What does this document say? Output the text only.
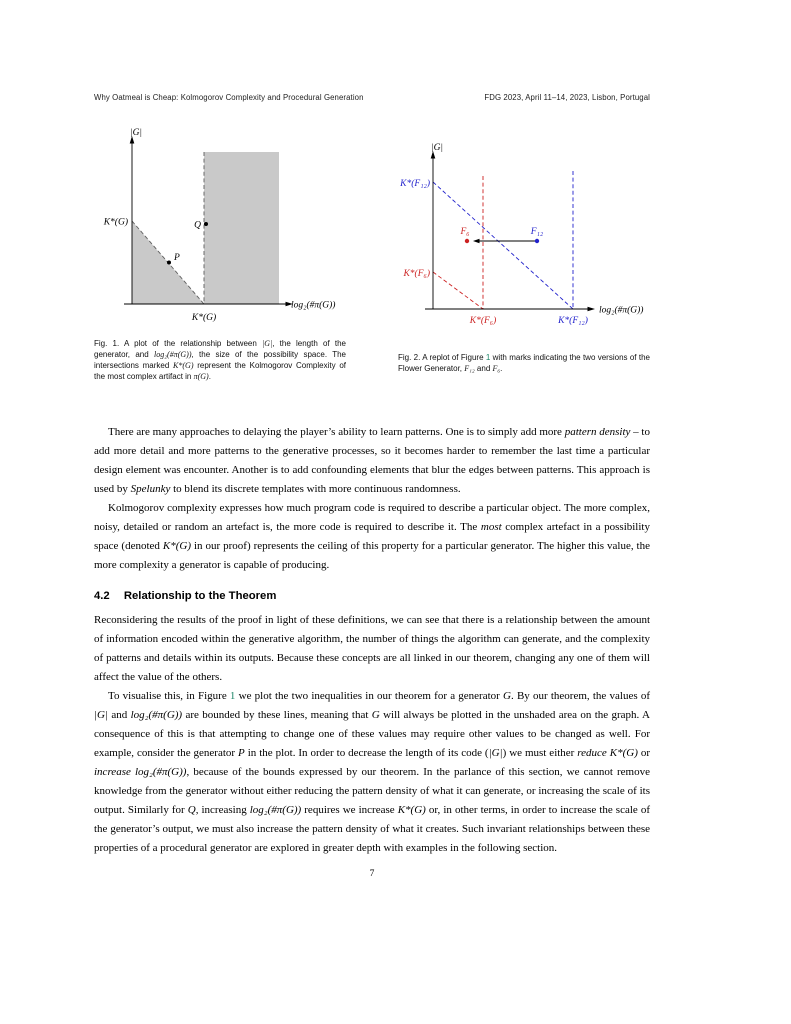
Why Oatmeal is Cheap: Kolmogorov Complexity and Procedural Generation	FDG 2023, April 11–14, 2023, Lisbon, Portugal
|G|
log₂(#π(G))
K*(G)
K*(G)
P
Q
Fig. 1. A plot of the relationship between |G|, the length of the generator, and log₂(#π(G)), the size of the possibility space. The intersections marked K*(G) represent the Kolmogorov Complexity of the most complex artifact in π(G).
|G|
log₂(#π(G))
K*(F₁₂)
K*(F₆)
F₆	F₁₂
K*(F₆)	K*(F₁₂)
Fig. 2. A replot of Figure 1 with marks indicating the two versions of the Flower Generator, F₁₂ and F₆.

There are many approaches to delaying the player’s ability to learn patterns. One is to simply add more pattern density – to add more detail and more patterns to the generative processes, so it becomes harder to remember the last time a particular design element was encounter. Another is to add confounding elements that blur the edges between patterns. This approach is used by Spelunky to blend its discrete templates with more continuous randomness.

Kolmogorov complexity expresses how much program code is required to describe a particular object. The more complex, noisy, detailed or random an artefact is, the more code is required to describe it. The most complex artefact in a possibility space (denoted K*(G) in our proof) represents the ceiling of this property for a particular generator. The higher this value, the more complexity a generator is capable of producing.

4.2 Relationship to the Theorem

Reconsidering the results of the proof in light of these definitions, we can see that there is a relationship between the amount of information encoded within the generative algorithm, the number of things the algorithm can generate, and the complexity of patterns and details within its outputs. Because these concepts are all linked in our theorem, changing any one of them will affect the value of the others.

To visualise this, in Figure 1 we plot the two inequalities in our theorem for a generator G. By our theorem, the values of |G| and log₂(#π(G)) are bounded by these lines, meaning that G will always be plotted in the unshaded area on the graph. A consequence of this is that attempting to change one of these values may require other values to be changed as well. For example, consider the generator P in the plot. In order to decrease the length of its code (|G|) we must either reduce K*(G) or increase log₂(#π(G)), because of the bounds expressed by our theorem. In the parlance of this section, we cannot remove knowledge from the generator without either reducing the pattern density of what it can generate, or increasing the scale of its output. Similarly for Q, increasing log₂(#π(G)) requires we increase K*(G) or, in other terms, in order to increase the scale of the generator’s output, we must also increase the pattern density of what it creates. Such invariant relationships between these properties of a procedural generator are explored in greater depth with examples in the following section.

7
